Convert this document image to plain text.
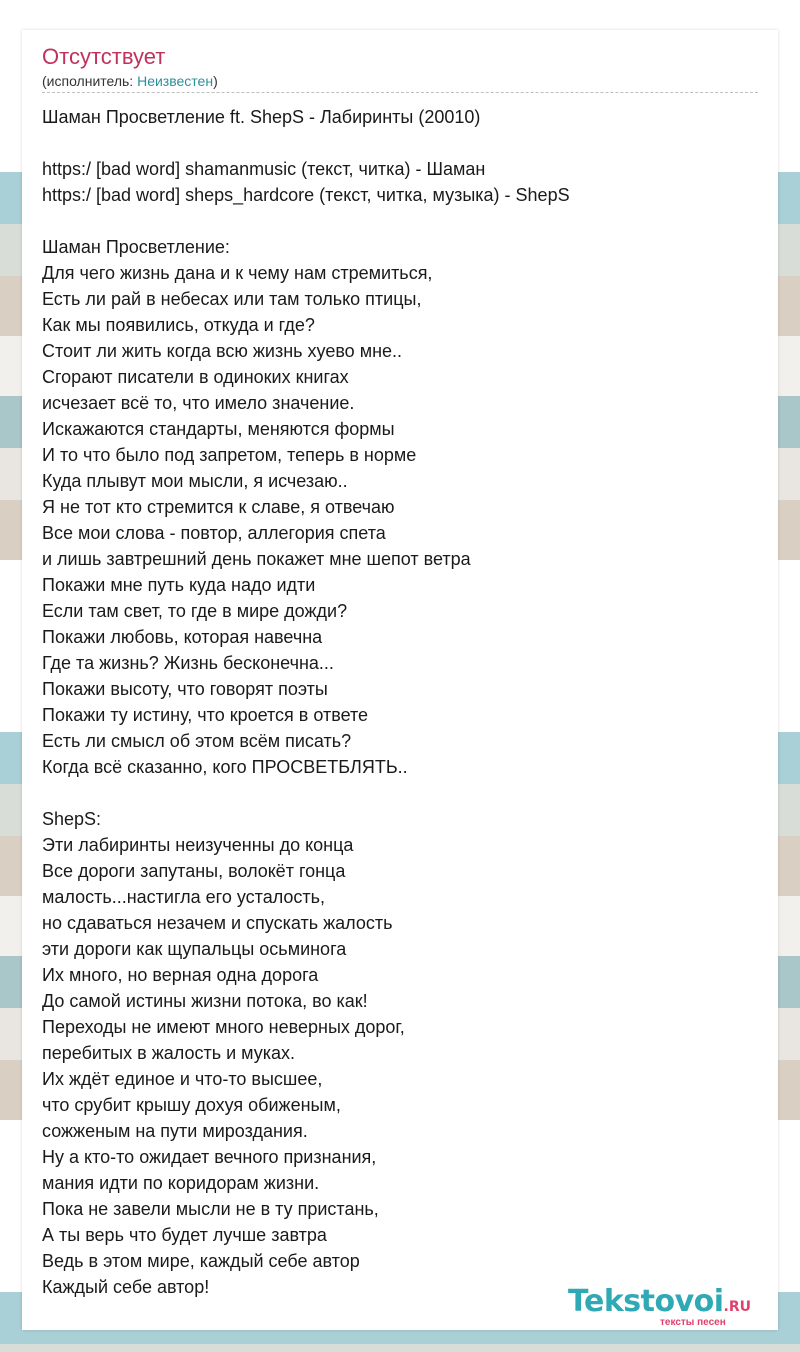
Отсутствует
(исполнитель: Неизвестен)
Шаман Просветление ft. ShepS - Лабиринты (20010)

https:/ [bad word] shamanmusic (текст, читка) - Шаман
https:/ [bad word] sheps_hardcore (текст, читка, музыка) - ShepS

Шаман Просветление:
Для чего жизнь дана и к чему нам стремиться,
Есть ли рай в небесах или там только птицы,
Как мы появились, откуда и где?
Стоит ли жить когда всю жизнь хуево мне..
Сгорают писатели в одиноких книгах
исчезает всё то, что имело значение.
Искажаются стандарты, меняются формы
И то что было под запретом, теперь в норме
Куда плывут мои мысли, я исчезаю..
Я не тот кто стремится к славе, я отвечаю
Все мои слова - повтор, аллегория спета
и лишь завтрешний день покажет мне шепот ветра
Покажи мне путь куда надо идти
Если там свет, то где в мире дожди?
Покажи любовь, которая навечна
Где та жизнь? Жизнь бесконечна...
Покажи высоту, что говорят поэты
Покажи ту истину, что кроется в ответе
Есть ли смысл об этом всём писать?
Когда всё сказанно, кого ПРОСВЕТБЛЯТЬ..

ShepS:
Эти лабиринты неизученны до конца
Все дороги запутаны, волокёт гонца
малость...настигла его усталость,
но сдаваться незачем и спускать жалость
эти дороги как щупальцы осьминога
Их много, но верная одна дорога
До самой истины жизни потока, во как!
Переходы не имеют много неверных дорог,
перебитых в жалость и муках.
Их ждёт единое и что-то высшее,
что срубит крышу дохуя обиженым,
сожженым на пути мироздания.
Ну а кто-то ожидает вечного признания,
мания идти по коридорам жизни.
Пока не завели мысли не в ту пристань,
А ты верь что будет лучше завтра
Ведь в этом мире, каждый себе автор
Каждый себе автор!	Tekstovoi.RU
тексты песен
